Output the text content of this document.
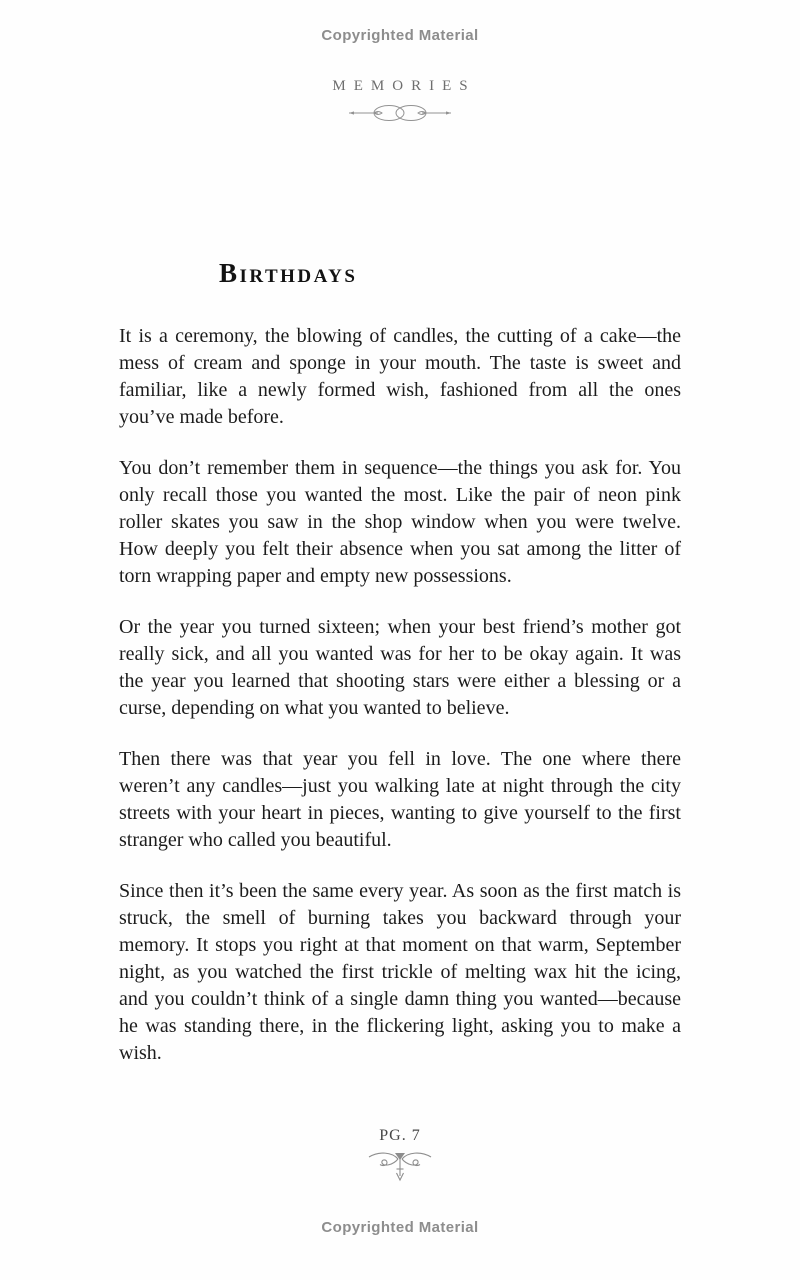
Copyrighted Material
MEMORIES
Birthdays

It is a ceremony, the blowing of candles, the cutting of a cake—the mess of cream and sponge in your mouth. The taste is sweet and familiar, like a newly formed wish, fashioned from all the ones you’ve made before.

You don’t remember them in sequence—the things you ask for. You only recall those you wanted the most. Like the pair of neon pink roller skates you saw in the shop window when you were twelve. How deeply you felt their absence when you sat among the litter of torn wrapping paper and empty new possessions.

Or the year you turned sixteen; when your best friend’s mother got really sick, and all you wanted was for her to be okay again. It was the year you learned that shooting stars were either a blessing or a curse, depending on what you wanted to believe.

Then there was that year you fell in love. The one where there weren’t any candles—just you walking late at night through the city streets with your heart in pieces, wanting to give yourself to the first stranger who called you beautiful.

Since then it’s been the same every year. As soon as the first match is struck, the smell of burning takes you backward through your memory. It stops you right at that moment on that warm, September night, as you watched the first trickle of melting wax hit the icing, and you couldn’t think of a single damn thing you wanted—because he was standing there, in the flickering light, asking you to make a wish.

PG. 7
Copyrighted Material
